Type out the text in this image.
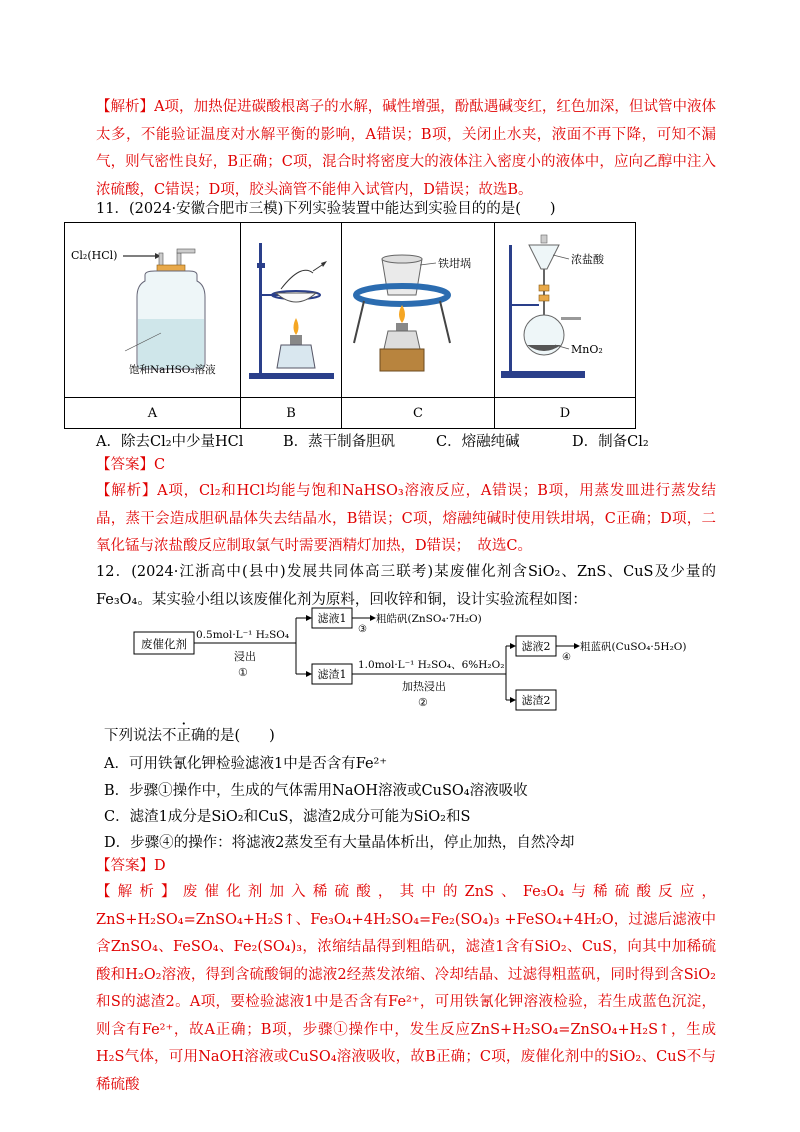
【解析】A项，加热促进碳酸根离子的水解，碱性增强，酚酞遇碱变红，红色加深，但试管中液体太多，不能验证温度对水解平衡的影响，A错误；B项，关闭止水夹，液面不再下降，可知不漏气，则气密性良好，B正确；C项，混合时将密度大的液体注入密度小的液体中，应向乙醇中注入浓硫酸，C错误；D项，胶头滴管不能伸入试管内，D错误；故选B。
11．(2024·安徽合肥市三模)下列实验装置中能达到实验目的的是(　　)
Cl₂(HCl)
饱和NaHSO₃溶液		铁坩埚	浓盐酸
MnO₂

A	B	C	D
A．除去Cl₂中少量HCl	B．蒸干制备胆矾	C．熔融纯碱	D．制备Cl₂
【答案】C
【解析】A项，Cl₂和HCl均能与饱和NaHSO₃溶液反应，A错误；B项，用蒸发皿进行蒸发结晶，蒸干会造成胆矾晶体失去结晶水，B错误；C项，熔融纯碱时使用铁坩埚，C正确；D项，二氧化锰与浓盐酸反应制取氯气时需要酒精灯加热，D错误；　故选C。
12．(2024·江浙高中(县中)发展共同体高三联考)某废催化剂含SiO₂、ZnS、CuS及少量的Fe₃O₄。某实验小组以该废催化剂为原料，回收锌和铜，设计实验流程如图：
废催化剂
0.5mol·L⁻¹ H₂SO₄
浸出
①
滤液1
③
粗皓矾(ZnSO₄·7H₂O)
滤渣1
1.0mol·L⁻¹ H₂SO₄、6%H₂O₂
加热浸出
②
滤液2
④
粗蓝矾(CuSO₄·5H₂O)
滤渣2
下列说法不正确的是(　　)
A．可用铁氰化钾检验滤液1中是否含有Fe²⁺
B．步骤①操作中，生成的气体需用NaOH溶液或CuSO₄溶液吸收
C．滤渣1成分是SiO₂和CuS，滤渣2成分可能为SiO₂和S
D．步骤④的操作：将滤液2蒸发至有大量晶体析出，停止加热，自然冷却
【答案】D
【解析】废催化剂加入稀硫酸，其中的ZnS、Fe₃O₄与稀硫酸反应，ZnS+H₂SO₄=ZnSO₄+H₂S↑、Fe₃O₄+4H₂SO₄=Fe₂(SO₄)₃ +FeSO₄+4H₂O，过滤后滤液中含ZnSO₄、FeSO₄、Fe₂(SO₄)₃，浓缩结晶得到粗皓矾，滤渣1含有SiO₂、CuS，向其中加稀硫酸和H₂O₂溶液，得到含硫酸铜的滤液2经蒸发浓缩、冷却结晶、过滤得粗蓝矾，同时得到含SiO₂和S的滤渣2。A项，要检验滤液1中是否含有Fe²⁺，可用铁氰化钾溶液检验，若生成蓝色沉淀，则含有Fe²⁺，故A正确；B项，步骤①操作中，发生反应ZnS+H₂SO₄=ZnSO₄+H₂S↑，生成H₂S气体，可用NaOH溶液或CuSO₄溶液吸收，故B正确；C项，废催化剂中的SiO₂、CuS不与稀硫酸
